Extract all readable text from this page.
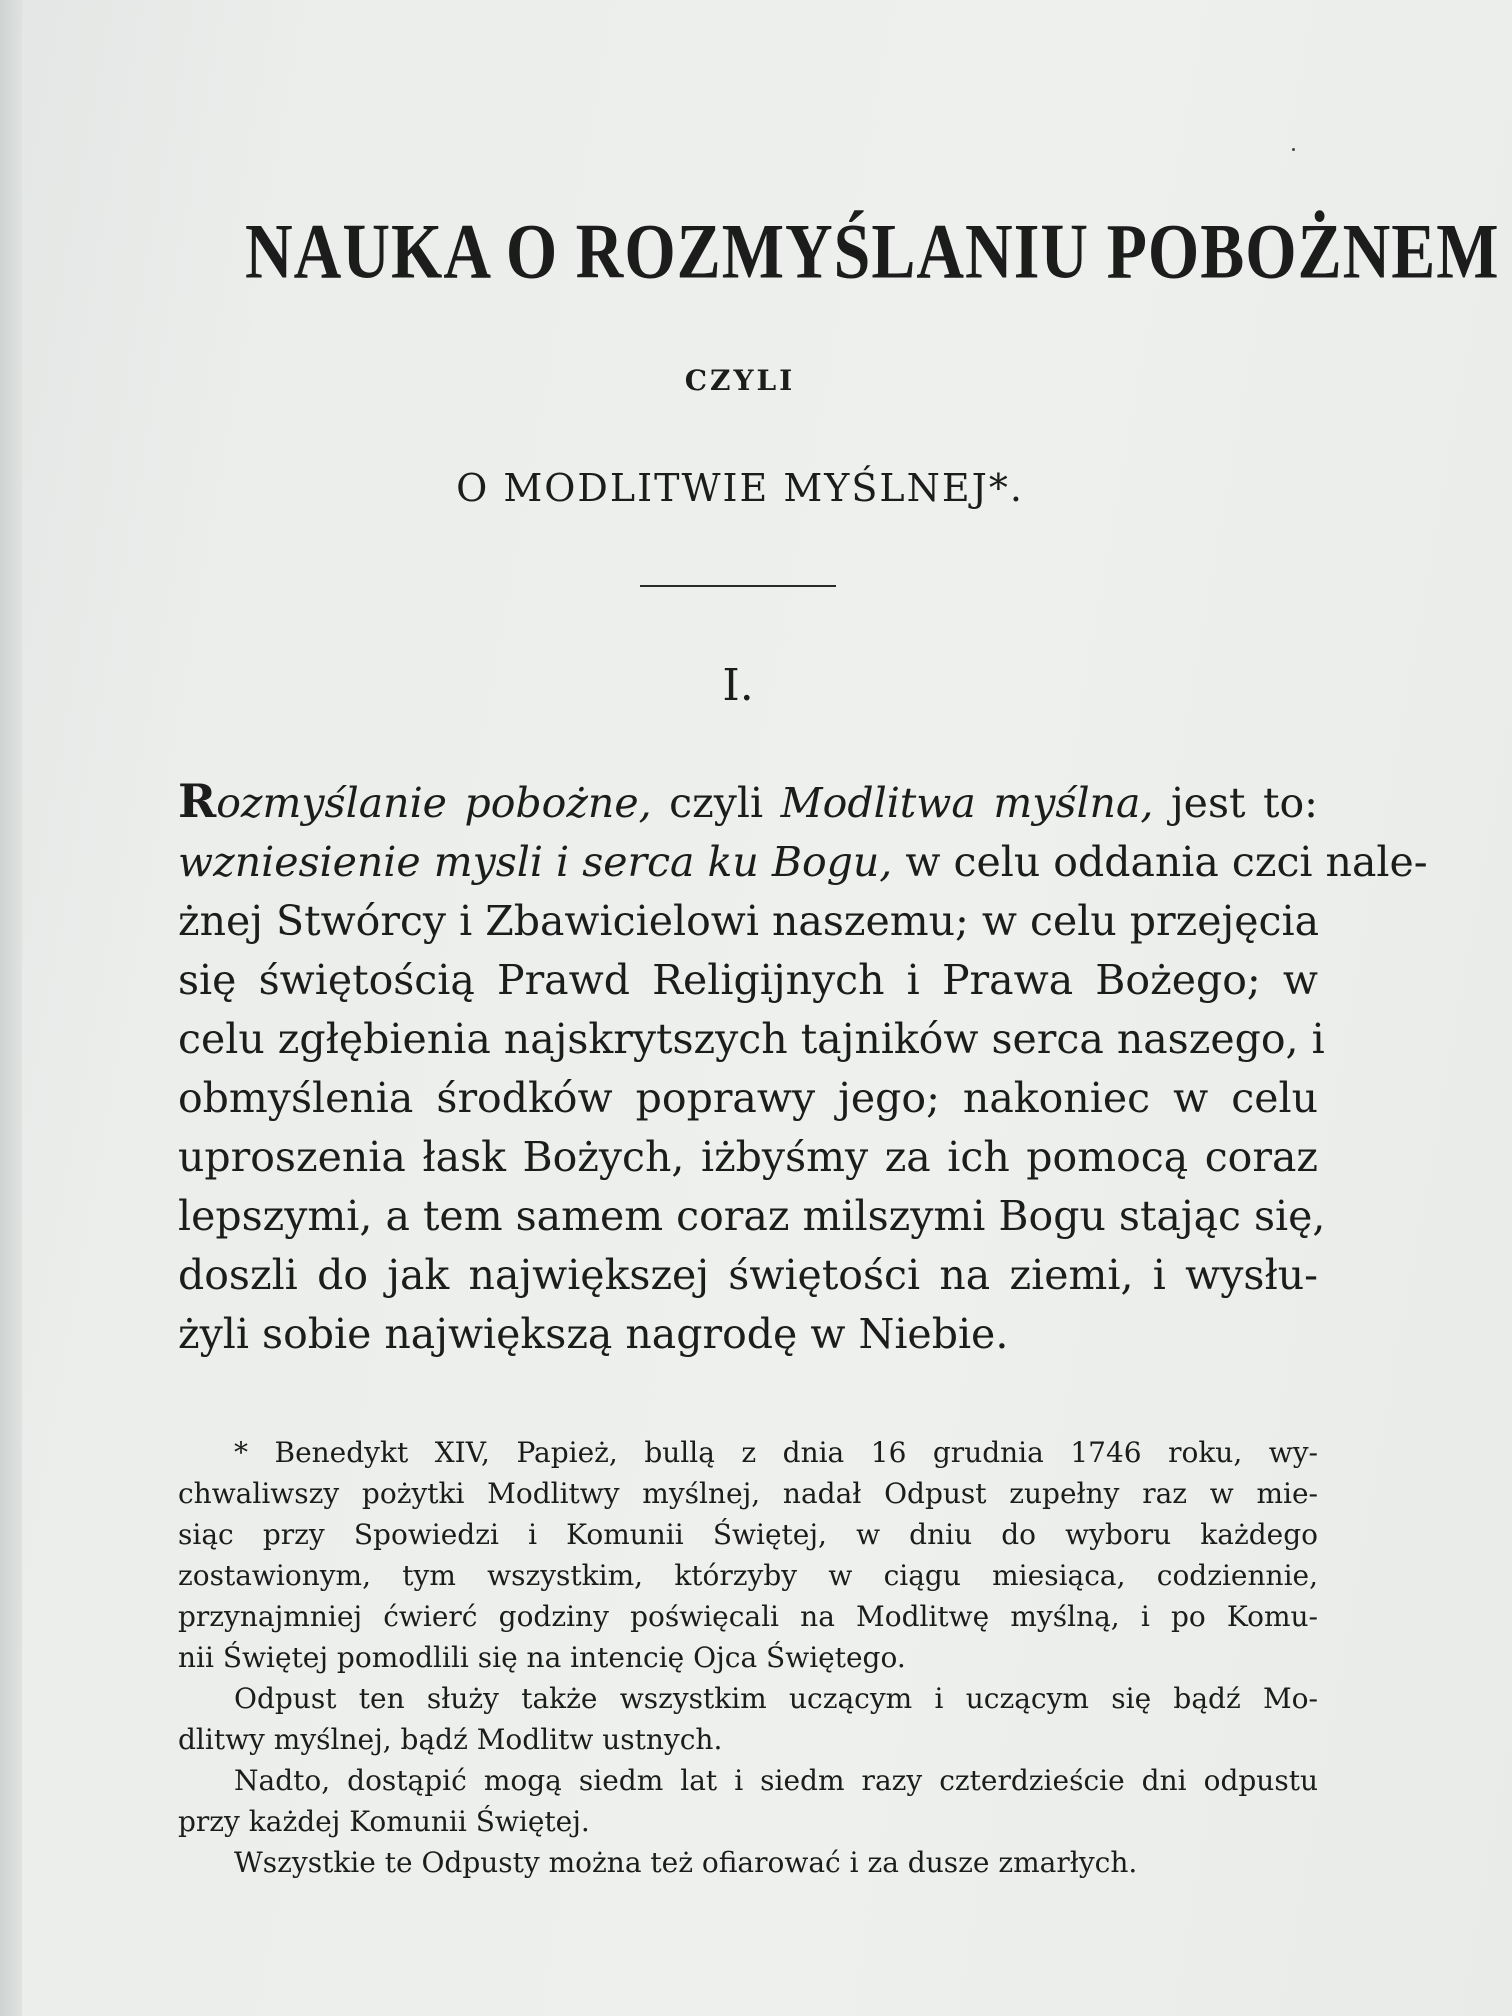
NAUKA O ROZMYŚLANIU POBOŻNEM
CZYLI
O MODLITWIE MYŚLNEJ*.
I.
Rozmyślanie pobożne, czyli Modlitwa myślna, jest to:
wzniesienie mysli i serca ku Bogu, w celu oddania czci nale-
żnej Stwórcy i Zbawicielowi naszemu; w celu przejęcia
się świętością Prawd Religijnych i Prawa Bożego; w
celu zgłębienia najskrytszych tajników serca naszego, i
obmyślenia środków poprawy jego; nakoniec w celu
uproszenia łask Bożych, iżbyśmy za ich pomocą coraz
lepszymi, a tem samem coraz milszymi Bogu stając się,
doszli do jak największej świętości na ziemi, i wysłu-
żyli sobie największą nagrodę w Niebie.
* Benedykt XIV, Papież, bullą z dnia 16 grudnia 1746 roku, wy-
chwaliwszy pożytki Modlitwy myślnej, nadał Odpust zupełny raz w mie-
siąc przy Spowiedzi i Komunii Świętej, w dniu do wyboru każdego
zostawionym, tym wszystkim, którzyby w ciągu miesiąca, codziennie,
przynajmniej ćwierć godziny poświęcali na Modlitwę myślną, i po Komu-
nii Świętej pomodlili się na intencię Ojca Świętego.
Odpust ten służy także wszystkim uczącym i uczącym się bądź Mo-
dlitwy myślnej, bądź Modlitw ustnych.
Nadto, dostąpić mogą siedm lat i siedm razy czterdzieście dni odpustu
przy każdej Komunii Świętej.
Wszystkie te Odpusty można też ofiarować i za dusze zmarłych.
